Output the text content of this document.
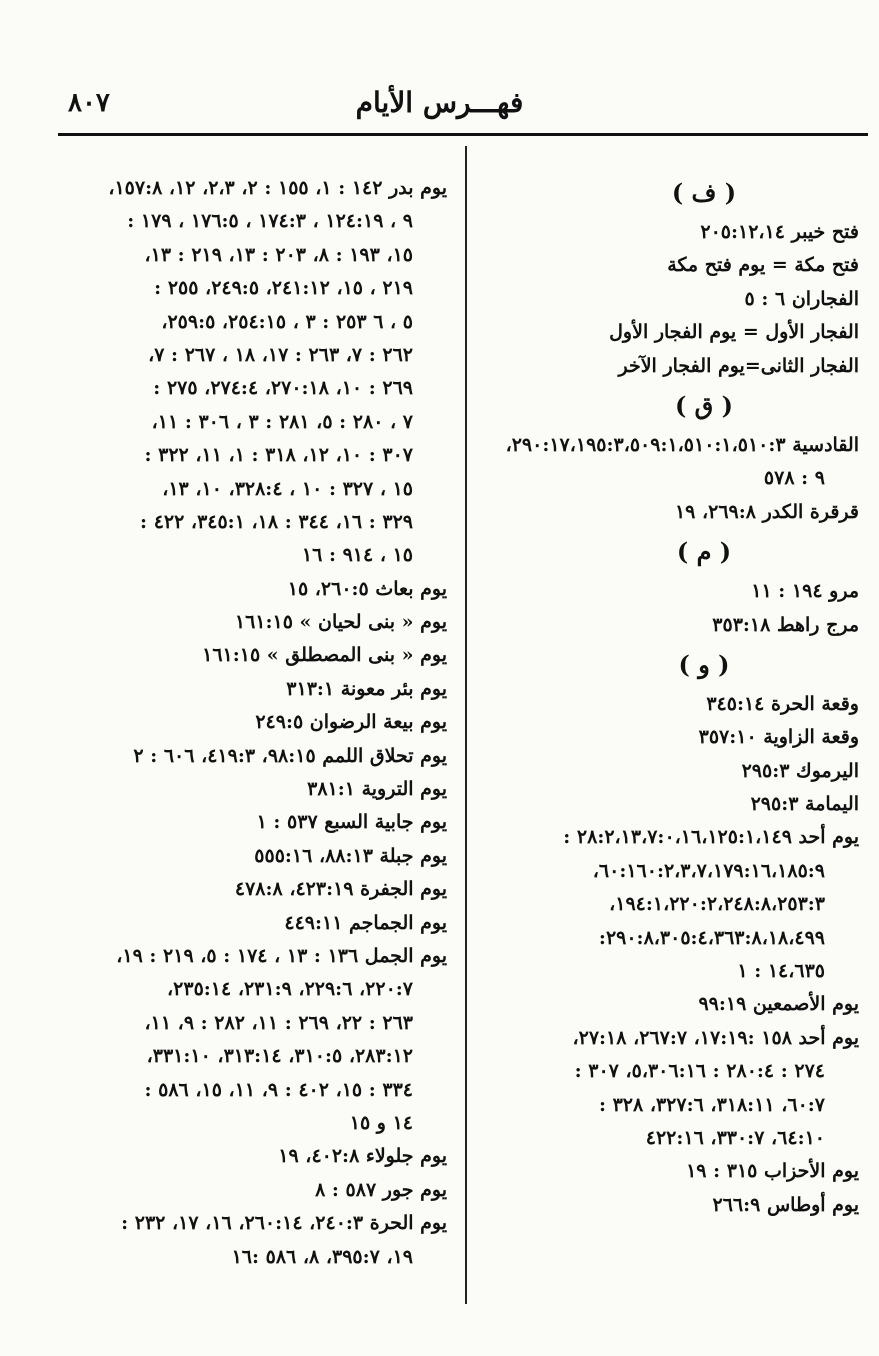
٨٠٧	فهـــرس الأيام
( ف )
فتح خيبر ٢٠٥:١٢،١٤
فتح مكة = يوم فتح مكة
الفجاران ٦ : ٥
الفجار الأول = يوم الفجار الأول
الفجار الثانى=يوم الفجار الآخر
( ق )
القادسية ٢٩٠:١٧،١٩٥:٣،٥٠٩:١،٥١٠:١،٥١٠:٣،
٩ : ٥٧٨
قرقرة الكدر ٢٦٩:٨، ١٩
( م )
مرو ١٩٤ : ١١
مرج راهط ٣٥٣:١٨
( و )
وقعة الحرة ٣٤٥:١٤
وقعة الزاوية ٣٥٧:١٠
اليرموك ٢٩٥:٣
اليمامة ٢٩٥:٣
يوم أحد ٢٨:٢،١٣،٧:٠،١٦،١٢٥:١،١٤٩ :
٦٠:١٦٠:٢،٣،٧،١٧٩:١٦،١٨٥:٩،
١٩٤:١،٢٢٠:٢،٢٤٨:٨،٢٥٣:٣،
٢٩٠:٨،٣٠٥:٤،٣٦٣:٨،١٨،٤٩٩:
١٤،٦٣٥ : ١
يوم الأصمعين ٩٩:١٩
يوم أحد ١٥٨ :١٧:١٩، ٢٦٧:٧، ٢٧:١٨،
٢٧٤ : ٢٨٠:٤ : ٥،٣٠٦:١٦، ٣٠٧ :
٦٠:٧، ٣١٨:١١، ٣٢٧:٦، ٣٢٨ :
٦٤:١٠، ٣٣٠:٧، ٤٢٢:١٦
يوم الأحزاب ٣١٥ : ١٩
يوم أوطاس ٢٦٦:٩
يوم بدر ١٤٢ : ١، ١٥٥ : ٢، ٢،٣، ١٢، ١٥٧:٨،
٩ ، ١٢٤:١٩ ، ١٧٤:٣ ، ١٧٦:٥ ، ١٧٩ :
١٥، ١٩٣ : ٨، ٢٠٣ : ١٣، ٢١٩ : ١٣،
٢١٩ ، ١٥، ٢٤١:١٢، ٢٤٩:٥، ٢٥٥ :
٥ ، ٦ ٢٥٣ : ٣ ، ٢٥٤:١٥، ٢٥٩:٥،
٢٦٢ : ٧، ٢٦٣ : ١٧، ١٨ ، ٢٦٧ : ٧،
٢٦٩ : ١٠، ٢٧٠:١٨، ٢٧٤:٤، ٢٧٥ :
٧ ، ٢٨٠ : ٥، ٢٨١ : ٣ ، ٣٠٦ : ١١،
٣٠٧ : ١٠، ١٢، ٣١٨ : ١، ١١، ٣٢٢ :
١٥ ، ٣٢٧ : ١٠ ، ٣٢٨:٤، ١٠، ١٣،
٣٢٩ : ١٦، ٣٤٤ : ١٨، ٣٤٥:١، ٤٢٢ :
١٥ ، ٩١٤ : ١٦
يوم بعاث ٢٦٠:٥، ١٥
يوم « بنى لحيان » ١٦١:١٥
يوم « بنى المصطلق » ١٦١:١٥
يوم بئر معونة ٣١٣:١
يوم بيعة الرضوان ٢٤٩:٥
يوم تحلاق اللمم ٩٨:١٥، ٤١٩:٣، ٦٠٦ : ٢
يوم التروية ٣٨١:١
يوم جابية السبع ٥٣٧ : ١
يوم جبلة ٨٨:١٣، ٥٥٥:١٦
يوم الجفرة ٤٢٣:١٩، ٤٧٨:٨
يوم الجماجم ٤٤٩:١١
يوم الجمل ١٣٦ : ١٣ ، ١٧٤ : ٥، ٢١٩ : ١٩،
٢٢٠:٧، ٢٢٩:٦، ٢٣١:٩، ٢٣٥:١٤،
٢٦٣ : ٢٢، ٢٦٩ : ١١، ٢٨٢ : ٩، ١١،
٢٨٣:١٢، ٣١٠:٥، ٣١٣:١٤، ٣٣١:١٠،
٣٣٤ : ١٥، ٤٠٢ : ٩، ١١، ١٥، ٥٨٦ :
١٤ و ١٥
يوم جلولاء ٤٠٢:٨، ١٩
يوم جور ٥٨٧ : ٨
يوم الحرة ٢٤٠:٣، ٢٦٠:١٤، ١٦، ١٧، ٢٣٢ :
١٩، ٣٩٥:٧، ٨، ٥٨٦ :١٦
